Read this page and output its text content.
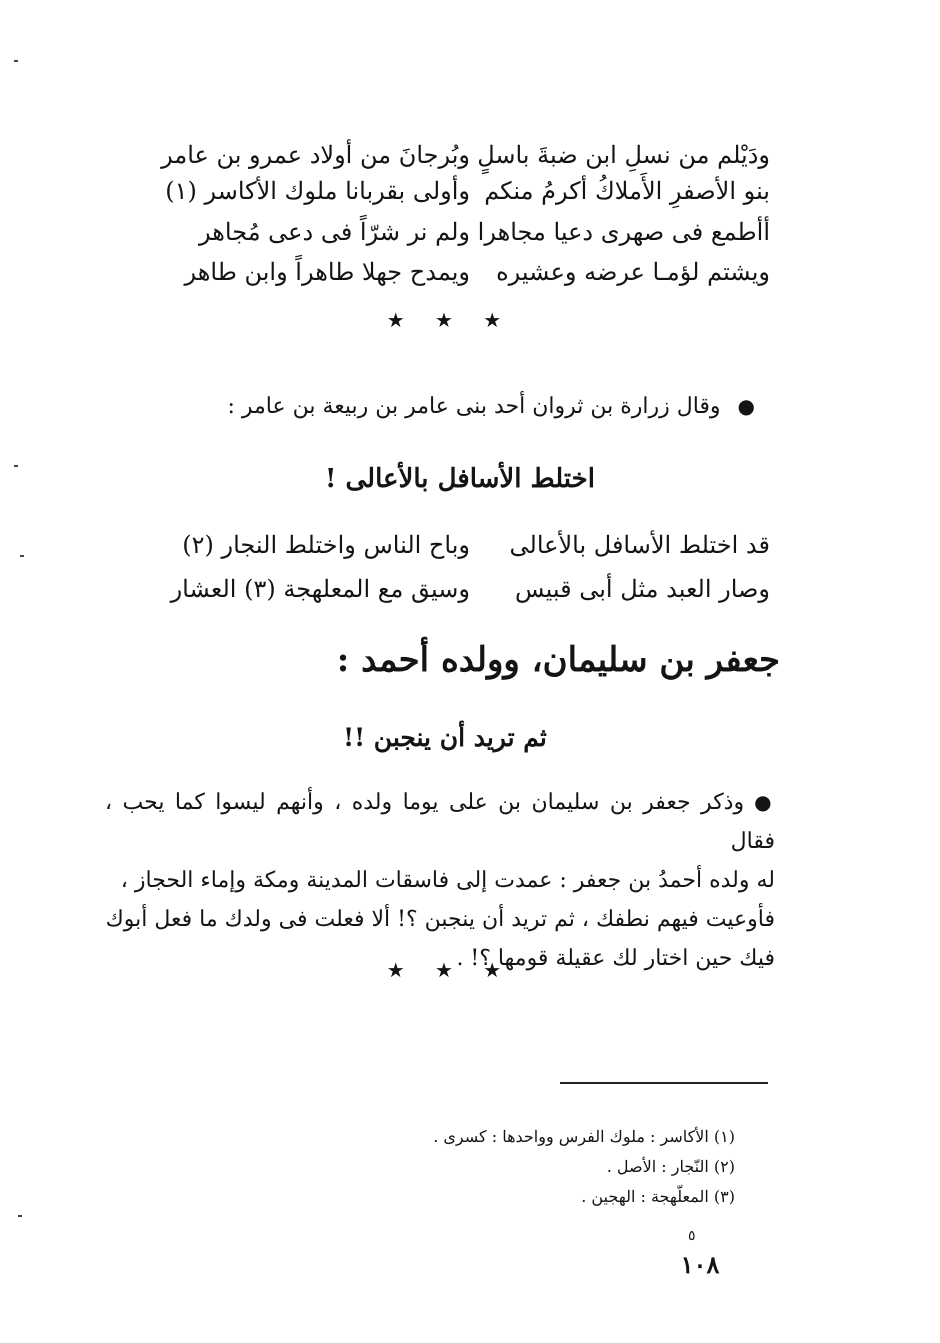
ودَيْلم من نسلِ ابن ضبةَ باسلٍ
وبُرجانَ من أولاد عمرو بن عامر
بنو الأصفرِ الأَملاكُ أكرمُ منكم
وأولى بقربانا ملوك الأكاسر (١)
أأطمع فى صهرى دعيا مجاهرا
ولم نر شرّاً فى دعى مُجاهر
ويشتم لؤمـا عرضه وعشيره
ويمدح جهلا طاهراً وابن طاهر
★ ★ ★
● وقال زرارة بن ثروان أحد بنى عامر بن ربيعة بن عامر :
اختلط الأسافل بالأعالى !
قد اختلط الأسافل بالأعالى
وباح الناس واختلط النجار (٢)
وصار العبد مثل أبى قبيس
وسيق مع المعلهجة (٣) العشار
جعفر بن سليمان، وولده أحمد :
ثم تريد أن ينجبن !!

●وذكر جعفر بن سليمان بن على يوما ولده ، وأنهم ليسوا كما يحب ، فقال

له ولده أحمدُ بن جعفر : عمدت إلى فاسقات المدينة ومكة وإماء الحجاز ،

فأوعيت فيهم نطفك ، ثم تريد أن ينجبن ؟! ألا فعلت فى ولدك ما فعل أبوك

فيك حين اختار لك عقيلة قومها ؟! .

★ ★ ★

(١) الأكاسر : ملوك الفرس وواحدها : كسرى .

(٢) النّجار : الأصل .

(٣) المعلّهجة : الهجين .

٥
١٠٨
